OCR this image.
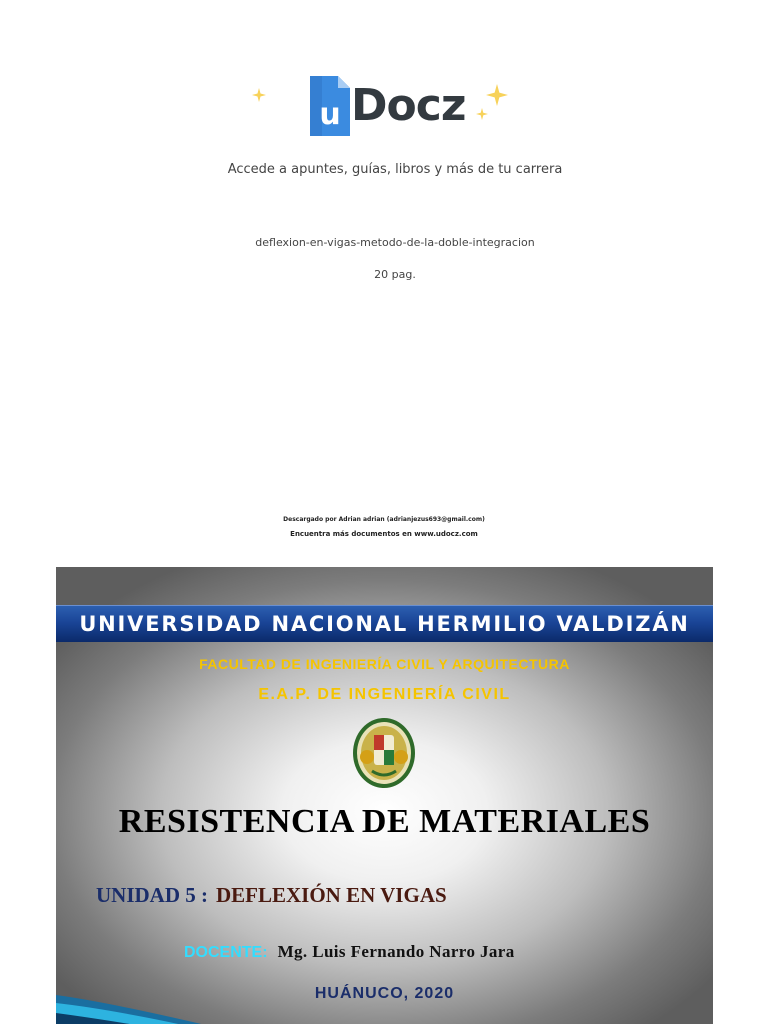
u Docz
Accede a apuntes, guías, libros y más de tu carrera
deflexion-en-vigas-metodo-de-la-doble-integracion
20 pag.
Descargado por Adrian adrian (adrianjezus693@gmail.com)
Encuentra más documentos en www.udocz.com
UNIVERSIDAD NACIONAL HERMILIO VALDIZÁN
FACULTAD DE INGENIERÍA CIVIL Y ARQUITECTURA
E.A.P. DE INGENIERÍA CIVIL
RESISTENCIA DE MATERIALES
UNIDAD 5 : DEFLEXIÓN EN VIGAS
DOCENTE: Mg. Luis Fernando Narro Jara
HUÁNUCO, 2020
